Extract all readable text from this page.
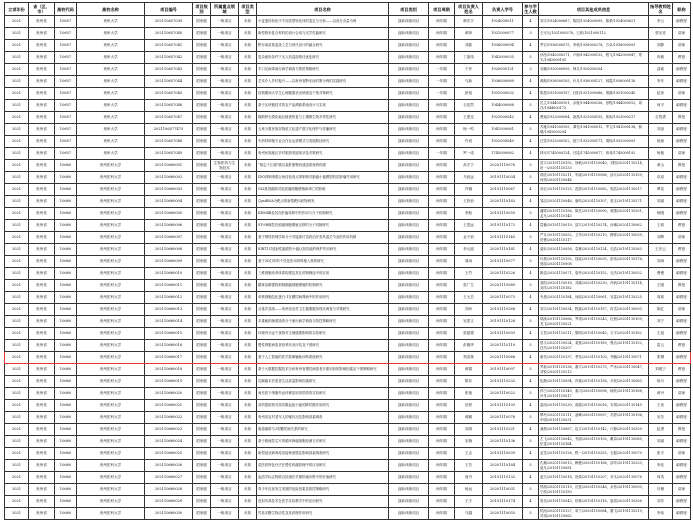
立项年份	省（区、市）	高校代码	高校名称	项目编号	项目级别	所属重点领域	项目类型	项目名称	项目类别	项目周期	项目负责人姓名	负责人学号	参与学生人数	项目其他成员信息	指导教师姓名	职称
2021	贵州省	10657	贵州大学	202110657039	国家级	一般项目	未知	小麦遗传转化中不同类型转化体的鉴定与分析——以成分含量为例	创新训练项目	两年期	韩宏宇	1924000011	4	刘宇/1924000687，陈国/1924000099，陈梦/1924000621	李云	副教授
2021	贵州省	10657	贵州大学	202110657040	国家级	一般项目	未知	新型纳米复合材料的设计合成与光学性能研究	创新训练项目	两年期	黄帅	1921000077	3	王可凡/1921000378，王跃/1921000112	蔡光亮	讲师
2021	贵州省	10657	贵州大学	202110657041	国家级	一般项目	未知	黔东南苗族蓝染工艺与现代设计的融合研究	创新训练项目	两年期	邓熙	1936000094	4	罗宏/1936000075，李秋/1936000278，方卓/1936000093	刘静	讲师
2021	贵州省	10657	贵州大学	202110657042	国家级	一般项目	未知	复杂地形条件下无人机巡检路径优化研究	创新训练项目	两年期	丁嘉伟	1942000035	5	孙彤/1942000271，卢海/1942000133，程飞/1942000047，郑宇/1942000195	冉敏	教授
2021	贵州省	10657	贵州大学	202110657043	国家级	一般项目	未知	手口足病毒流行病学调查与预防策略研究	创新训练项目	一年期	于莎	1920000131	3	吴鹏/1920000095，韩月/1920000254	邵欢	副教授
2021	贵州省	10657	贵州大学	202110657044	国家级	一般项目	未知	艺术介入乡村振兴——以贵州省黔东南村寨为例的实践研究	创新训练项目	一年期	马新	1936000069	4	黄湘/1936000105，叶月/1936000127，林霞/1936000116	李冬	副教授
2021	贵州省	10657	贵州大学	202110657045	国家级	一般项目	未知	疫情期间大学生心理健康状况调查及干预对策研究	创新训练项目	一年期	彭悦	1931000032	4	陈思/1931000197，杜阳/1931000086，胡静/1931000240	赵萍	讲师
2021	贵州省	10657	贵州大学	202110657046	国家级	一般项目	未知	基于区块链技术的农产品溯源系统设计与实现	创新训练项目	两年期	石浩然	1944000068	5	沈立/1944000101，余航/1944000236，彭程/1944000012，周洋/1944000173	何平	副教授
2021	贵州省	10657	贵州大学	202110657047	国家级	一般项目	未知	喀斯特石漠化地区植被恢复与土壤微生物多样性研究	创新训练项目	两年期	王建光	1923000042	4	曹迪/1923000084，唐晨/1923000155，郭雨/1923000217	吉智勇	教授
2021	贵州省	10657	贵州大学	2021106577475	国家级	一般项目	未知	云贵少数民族非物质文化遗产数字化保护与传播研究	创新训练项目	两年期	杨一鸣	1941000061	5	苏雅/1941000105，谭亮/1941000012，罗文/1941000138，薛晴/1941000204	刘尧	副教授
2021	贵州省	10657	贵州大学	202110657048	国家级	一般项目	未知	中药材种植专业合作社运营模式与发展路径研究	创新训练项目	两年期	许成	1932000040	4	汪雪/1932000102，段宁/1932000171，胡杨/1932000093	杨琼	副教授
2021	贵州省	10657	贵州大学	202110657049	国家级	一般项目	未知	贵州民族地区乡村旅游发展现状及对策研究	创新训练项目	一年期	罗一诺	1745000062	4	林可/1745000124，吕铭/1745000077，蒋菲/1745000192	杨艳	讲师
2021	贵州省	10660	贵州医科大学	202110660001	国家级	生物医药与生物技术	未知	“相忘于江湖”胰岛素肝脏靶向递送系统的构建	创新训练项目	两年期	高宇宁	20201110076	5	苗宇/20191110192，徐帆/20191110040，刘阳/20201110214，田一/20201110133	黄山	教授
2021	贵州省	10660	贵州医科大学	202110660002	国家级	一般项目	未知	IDO抑制剂联合免疫检查点抑制剂对肺癌小鼠模型的抗肿瘤作用研究	创新训练项目	两年期	马致远	20191110034	5	蒋欣/20191110211，朱晓/20191110088，邱月/20201110159，何琪/20201110046	卓嵩	副教授
2021	贵州省	10660	贵州医科大学	202110660003	国家级	一般项目	未知	GLI基因敲除对胶质瘤细胞增殖和凋亡的影响	创新训练项目	两年期	许娜	20191110067	4	向宏/20191110125，范婷/20191110082，郭浩/20201110017	覃宪	副教授
2021	贵州省	10660	贵州医科大学	202110660004	国家级	一般项目	未知	以miRNA为靶点的新型靶向药物研发	创新训练项目	两年期	王欣怡	20201110183	4	邹洁/20201110046，唐鸣/20201110107，梁玉/20191110271	刘斌	副教授
2021	贵州省	10660	贵州医科大学	202110660005	国家级	一般项目	未知	KDM4B及其在肝癌转移中的作用与分子机制研究	创新训练项目	两年期	李航	20191110059	5	潘婷/20191110156，陈亮/20191110090，黄婧/20201110201，孟凡/20201110143	杨刚	副教授
2021	贵州省	10660	贵州医科大学	202110660006	国家级	一般项目	未知	ST-9R调控宫颈癌细胞增殖迁移的分子机制研究	创新训练项目	两年期	王思远	20191110172	4	葛楠/20191110019，邵宇/20191110274，孙琳/20201110062	王莉	教授
2021	贵州省	10660	贵州医科大学	202110660007	国家级	一般项目	未知	基于网络药理学和分子对接探讨苗药治疗类风湿关节炎的作用机制	创新训练项目	两年期	金子怡	20191110145	5	严月/20191110052，卫华/20191110210，柳青/20201110039，贺俊/20201110117	刘辉	讲师
2021	贵州省	10660	贵州医科大学	202110660008	国家级	一般项目	未知	SIRT1对放射性脑损伤小鼠认知功能的保护作用研究	创新训练项目	两年期	李元丽	20201110181	4	莫轩/20201110058，袁琳/20201110124，孔浩/20191110263	王庆云	教授
2021	贵州省	10660	贵州医科大学	202110660009	国家级	一般项目	未知	基于3D打印的个性化医用骨科植入物的研究	创新训练项目	两年期	周雨	20191110077	5	付晨/20191110192，钱瑶/20191110035，彭伟/20201110176，曾韵/20201110008	刘涛	副教授
2021	贵州省	10660	贵州医科大学	202110660010	国家级	一般项目	未知	三维细胞培养体系构建及其在药物筛选中的应用	创新训练项目	两年期	王竹	20201110226	4	姚佳/20201110071，詹玲/20201110152，毛杰/20191110032	曹俊	副教授
2021	贵州省	10660	贵州医科大学	202110660011	国家级	一般项目	未知	鹅掌参醇提物抑制肺癌细胞增殖的机制研究	创新训练项目	两年期	张广生	20201110089	5	高阳/20201110016，邓瑜/20201110230，肖帆/20191110114，刘洋/20191110182	王刚	教授
2021	贵州省	10660	贵州医科大学	202110660012	国家级	一般项目	未知	单核细胞趋化蛋白-1在糖尿病肾病中的作用研究	创新训练项目	两年期	王大芸	20201110073	4	韦晨/20201110184，何丽/20201110061，吴雷/20191110225	周莉	副教授
2021	贵州省	10660	贵州医科大学	202110660013	国家级	一般项目	未知	点笔乡县阁——贵州省农村卫生健康服务现状调查与对策研究	创新训练项目	两年期	冯盼	20191110268	4	刘宇/20191110034，程斌/20191110157，冉雪/20201110093	陈红	讲师
2021	贵州省	10660	贵州医科大学	202110660014	国家级	一般项目	未知	多重耐药菌感染的分子流行病学调查与防控策略研究	创新训练项目	两年期	吴思文	20191110128	5	胡涛/20191110066，罗琪/20191110243，杜晨/20201110109，龙飞/20201110021	刘宁	副教授
2021	贵州省	10660	贵州医科大学	202110660015	国家级	一般项目	未知	环境内分泌干扰物对生殖健康影响的实验研究	创新训练项目	两年期	张振德	20191110093	4	文君/20191110211，黎明/20191110045，方平/20201110182	王旭	副教授
2021	贵州省	10660	贵州医科大学	202110660016	国家级	一般项目	未知	慢性肾脏病患者营养状况评估及干预研究	创新训练项目	两年期	彭刚华	20201110110	5	曾宇/20201110024，姜燕/20201110189，鲁洁/20191110152，任杰/20191110207	雷云	教授
2021	贵州省	10660	贵州医科大学	202110660017	国家级	一般项目	未知	基于人工智能的医学影像辅助诊断系统研究	创新训练项目	两年期	郑浩林	20201110066	4	翟亮/20201110137，季莹/20201110103，齐鹏/20191110071	张栩	副教授
2021	贵州省	10660	贵州医科大学	202110660018	国家级	一般项目	未知	基于大数据挖掘技术分析贵州省慢性病患者多重用药的影响因素及干预策略研究	创新训练项目	两年期	黄娟	20191110097	5	罗新/20191110136，谢宇/20191110275，严冰/20201110047，邓锐/20201110213	刘明宁	教授
2021	贵州省	10660	贵州医科大学	202110660019	国家级	一般项目	未知	乳腺癌术后患者生活质量影响因素研究	创新训练项目	两年期	陈东	20191110232	4	伍静/20191110094，肖瑜/20191110158，尹波/20201110063	杨月	副教授
2021	贵州省	10660	贵州医科大学	202110660020	国家级	一般项目	未知	间充质干细胞外泌体修复软骨损伤的实验研究	创新训练项目	两年期	张艳	20201110022	5	孙宁/20201110149，秦川/20201110096，柯欣/20191110188，叶舟/20191110017	黄丹	讲师
2021	贵州省	10660	贵州医科大学	202110660021	国家级	一般项目	未知	苗药提取物对高尿酸血症小鼠的降尿酸作用研究	创新训练项目	两年期	田婷	20191110103	4	雷雨/20191110230，郝强/20191110016，安琪/20201110145	王伟	副教授
2021	贵州省	10660	贵州医科大学	202110660022	国家级	一般项目	未知	贵州省农村老年人抑郁状况及影响因素调查	创新训练项目	两年期	黄鹏	20201110078	5	覃玲/20201110111，凌峰/20201110057，苏婷/20191110196，车明/20191110031	吴芳	副教授
2021	贵州省	10660	贵州医科大学	202110660023	国家级	一般项目	未知	肠道菌群与2型糖尿病关系的研究	创新训练项目	两年期	刘琪	20191110221	4	龚晨/20191110067，包宇/20191110142，卢静/20201110209	赵勇	教授
2021	贵州省	10660	贵州医科大学	202110660024	国家级	一般项目	未知	基于微流控芯片的循环肿瘤细胞检测方法研究	创新训练项目	两年期	宋婉	20201110136	5	左飞/20201110042，韦丽/20201110193，戴卓/20191110085，纪雯/20191110164	刘斌	副教授
2021	贵州省	10660	贵州医科大学	202110660025	国家级	一般项目	未知	新型冠状病毒疫苗接种意愿及影响因素调查研究	创新训练项目	两年期	王志	20191110039	4	孟雪/20191110126，程一/20191110253，石磊/20201110070	张平	讲师
2021	贵州省	10660	贵州医科大学	202110660026	国家级	一般项目	未知	苗医药特色疗法在慢性疼痛管理中的应用研究	创新训练项目	两年期	王芳	20201110184	5	孔琳/20201110013，赖俊/20201110168，邵华/20191110233，莫凡/20191110081	李佳	副教授
2021	贵州省	10660	贵州医科大学	202110660027	国家级	一般项目	未知	血清学标志物联合检测在早期肝癌诊断中的价值研究	创新训练项目	两年期	周丹	20191110132	4	蓝天/20191110018，祝婧/20191110207，乔木/20201110076	何英	副教授
2021	贵州省	10660	贵州医科大学	202110660028	国家级	一般项目	未知	青少年近视发生发展的危险因素及防控策略研究	创新训练项目	两年期	杨远	20201110031	5	钟源/20201110119，沈悦/20201110248，余彤/20191110093，宁波/20191110150	吕珊	讲师
2021	贵州省	10660	贵州医科大学	202110660029	国家级	一般项目	未知	虚拟仿真技术在医学实验教学中的应用研究	创新训练项目	两年期	王宇	20191110174	4	管乐/20191110043，柏林/20191110118，晏清/20201110206	刘芳	副教授
2021	贵州省	10660	贵州医科大学	202110660030	国家级	一般项目	未知	竹荪多糖生物活性及其药理作用研究	创新训练项目	两年期	马越	20201110055	5	杭雨/20201110127，单宁/20201110084，滕飞/20191110219，司琪/20191110062	李伟	副教授
